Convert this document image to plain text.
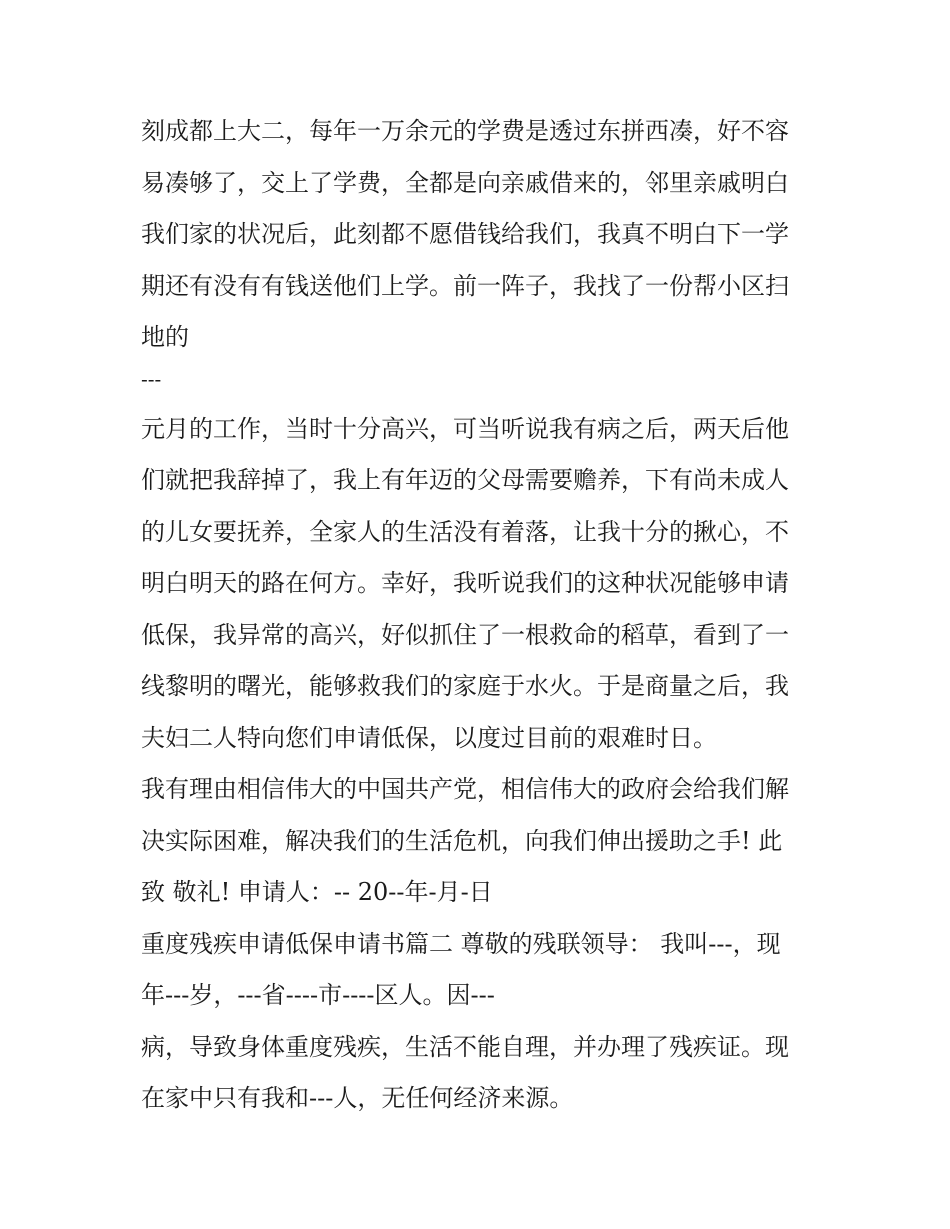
刻成都上大二，每年一万余元的学费是透过东拼西凑，好不容
易凑够了，交上了学费，全都是向亲戚借来的，邻里亲戚明白
我们家的状况后，此刻都不愿借钱给我们，我真不明白下一学
期还有没有有钱送他们上学。前一阵子，我找了一份帮小区扫
地的
---
元月的工作，当时十分高兴，可当听说我有病之后，两天后他
们就把我辞掉了，我上有年迈的父母需要赡养，下有尚未成人
的儿女要抚养，全家人的生活没有着落，让我十分的揪心，不
明白明天的路在何方。幸好，我听说我们的这种状况能够申请
低保，我异常的高兴，好似抓住了一根救命的稻草，看到了一
线黎明的曙光，能够救我们的家庭于水火。于是商量之后，我
夫妇二人特向您们申请低保，以度过目前的艰难时日。
我有理由相信伟大的中国共产党，相信伟大的政府会给我们解
决实际困难，解决我们的生活危机，向我们伸出援助之手! 此
致 敬礼! 申请人：-- 20--年-月-日
重度残疾申请低保申请书篇二 尊敬的残联领导： 我叫---，现
年---岁，---省----市----区人。因---
病，导致身体重度残疾，生活不能自理，并办理了残疾证。现
在家中只有我和---人，无任何经济来源。
